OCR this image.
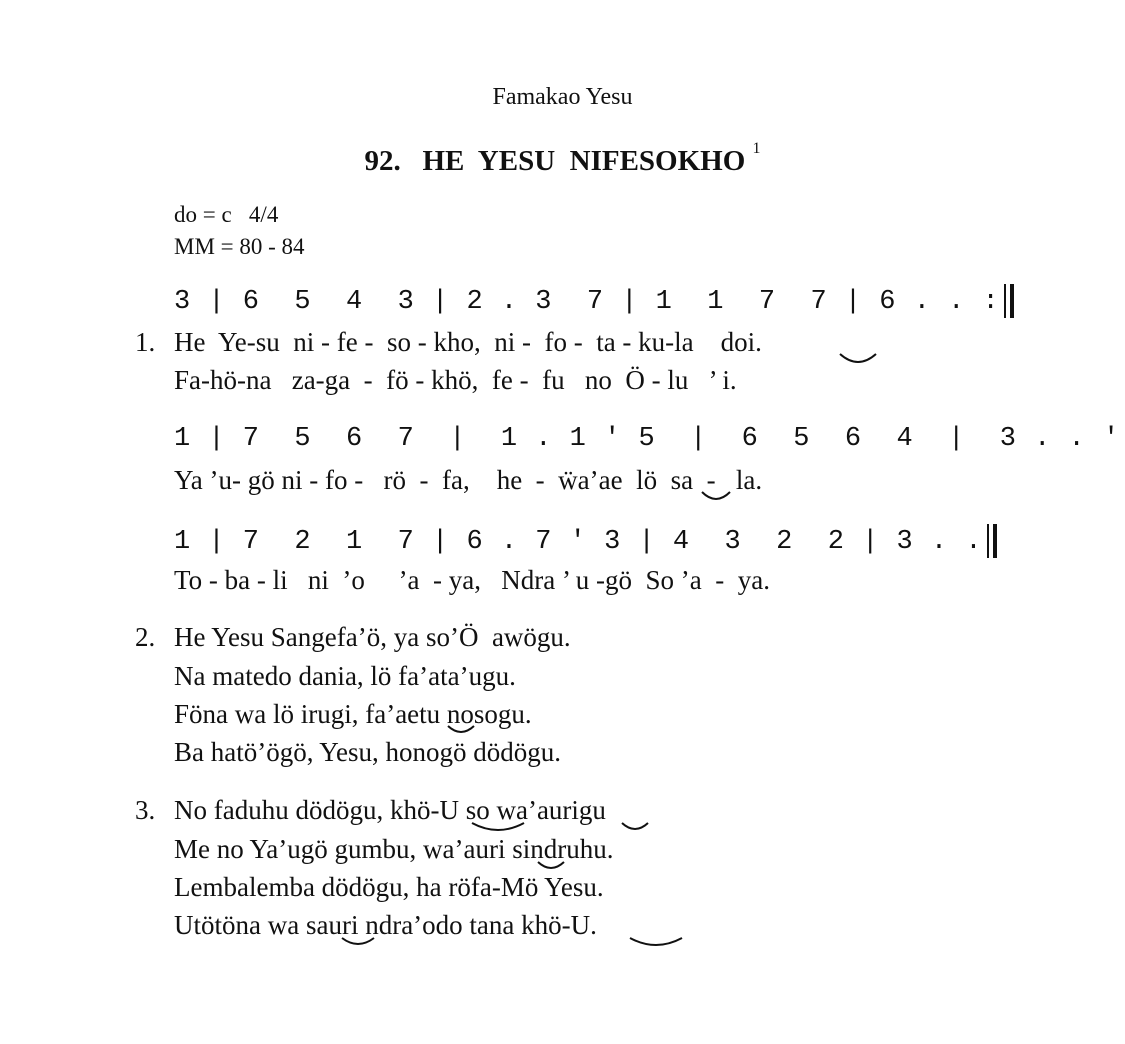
Famakao Yesu
92.   HE  YESU  NIFESOKHO $^1$
do = c   4/4
MM = 80 - 84
3 | 6  5  4  3 | 2 . 3  7 | 1  1  7  7 | 6 . . :
1. He  Ye-su  ni - fe -  so - kho,  ni -  fo -  ta - ku-la    doi.
Fa-hö-na   za-ga  -  fö - khö,  fe -  fu   no  Ö - lu   ’ i.
1 | 7  5  6  7  |  1 . 1 ' 5  |  6  5  6  4  |  3 . . '
Ya ’u- gö ni - fo -   rö  -  fa,    he  -  ẅa’ae  lö  sa  -   la.
1 | 7  2  1  7 | 6 . 7 ' 3 | 4  3  2  2 | 3 . .
To - ba - li   ni  ’o     ’a  - ya,   Ndra ’ u -gö  So ’a  -  ya.
2. He Yesu Sangefa’ö, ya so’Ö  awögu.
Na matedo dania, lö fa’ata’ugu.
Föna wa lö irugi, fa’aetu nosogu.
Ba hatö’ögö, Yesu, honogö dödögu.
3. No faduhu dödögu, khö-U so wa’aurigu
Me no Ya’ugö gumbu, wa’auri sindruhu.
Lembalemba dödögu, ha röfa-Mö Yesu.
Utötöna wa sauri ndra’odo tana khö-U.
